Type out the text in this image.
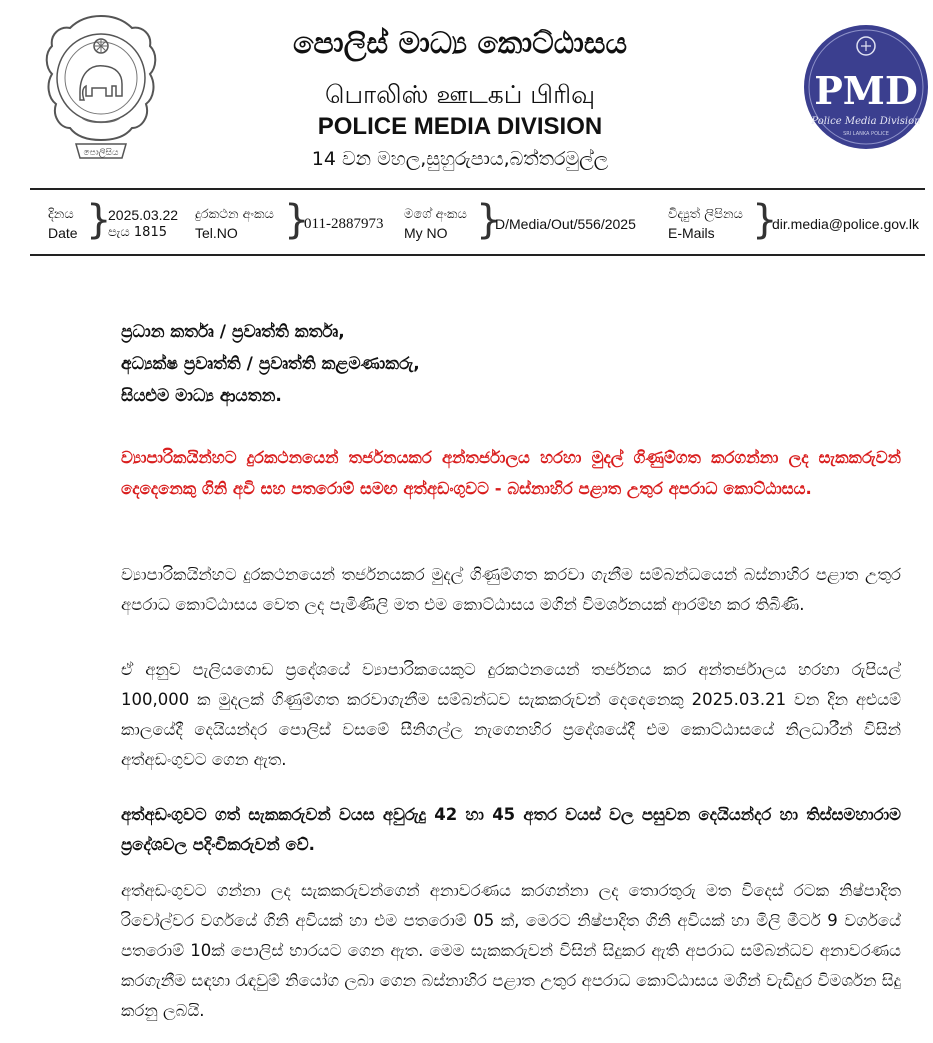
පොලිසිය
පොලිස් මාධ්‍ය කොට්ඨාසය
பொலிஸ் ஊடகப் பிரிவு
POLICE MEDIA DIVISION
14 වන මහල,සුහුරුපාය,බත්තරමුල්ල
PMD
Police Media Division
SRI LANKA POLICE
දිනය
Date }
2025.03.22
පැය 1815
දුරකථන අංකය
Tel.NO	}
011-2887973
මගේ අංකය
My NO }
D/Media/Out/556/2025
විද්‍යුත් ලිපිනය
E-Mails }
dir.media@police.gov.lk
ප්‍රධාන කර්තෘ / ප්‍රවෘත්ති කර්තෘ,
අධ්‍යක්ෂ ප්‍රවෘත්ති / ප්‍රවෘත්ති කළමණාකරු,
සියළුම මාධ්‍ය ආයතන.
ව්‍යාපාරිකයින්හට දුරකථනයෙන් තර්ජනයකර අන්තර්ජාලය හරහා මුදල් ගිණුම්ගත කරගන්නා ලද සැකකරුවන් දෙදෙනෙකු ගිනි අවි සහ පතරොම් සමඟ අත්අඩංගුවට - බස්නාහිර පළාත උතුර අපරාධ කොට්ඨාසය.
ව්‍යාපාරිකයින්හට දුරකථනයෙන් තර්ජනයකර මුදල් ගිණුම්ගත කරවා ගැනීම සම්බන්ධයෙන් බස්නාහිර පළාත උතුර අපරාධ කොට්ඨාසය වෙත ලද පැමිණිලි මත එම කොට්ඨාසය මගින් විමර්ශනයක් ආරම්භ කර තිබිණි.
ඒ අනුව පැලියගොඩ ප්‍රදේශයේ ව්‍යාපාරිකයෙකුට දුරකථනයෙන් තර්ජනය කර අන්තර්ජාලය හරහා රුපියල් 100,000 ක මුදලක් ගිණුම්ගත කරවාගැනීම සම්බන්ධව සැකකරුවන් දෙදෙනෙකු 2025.03.21 වන දින අළුයම් කාලයේදී දෙයියන්දර පොලිස් වසමේ සීනිගල්ල නැගෙනහිර ප්‍රදේශයේදී එම කොට්ඨාසයේ නිලධාරීන් විසින් අත්අඩංගුවට ගෙන ඇත.
අත්අඩංගුවට ගත් සැකකරුවන් වයස අවුරුදු 42 හා 45 අතර වයස් වල පසුවන දෙයියන්දර හා තිස්සමහාරාම ප්‍රදේශවල පදිංචිකරුවන් වේ.
අත්අඩංගුවට ගන්නා ලද සැකකරුවන්ගෙන් අනාවරණය කරගන්නා ලද තොරතුරු මත විදෙස් රටක නිෂ්පාදිත රිවෝල්වර වර්ගයේ ගිනි අවියක් හා එම පතරොම් 05 ක්, මෙරට නිෂ්පාදිත ගිනි අවියක් හා මිලි මීටර් 9 වර්ගයේ පතරොම් 10ක් පොලිස් භාරයට ගෙන ඇත. මෙම සැකකරුවන් විසින් සිදුකර ඇති අපරාධ සම්බන්ධව අනාවරණය කරගැනීම සඳහා රැඳවුම් නියෝග ලබා ගෙන බස්නාහිර පළාත උතුර අපරාධ කොට්ඨාසය මගින් වැඩිදුර විමර්ශන සිදු කරනු ලබයි.
